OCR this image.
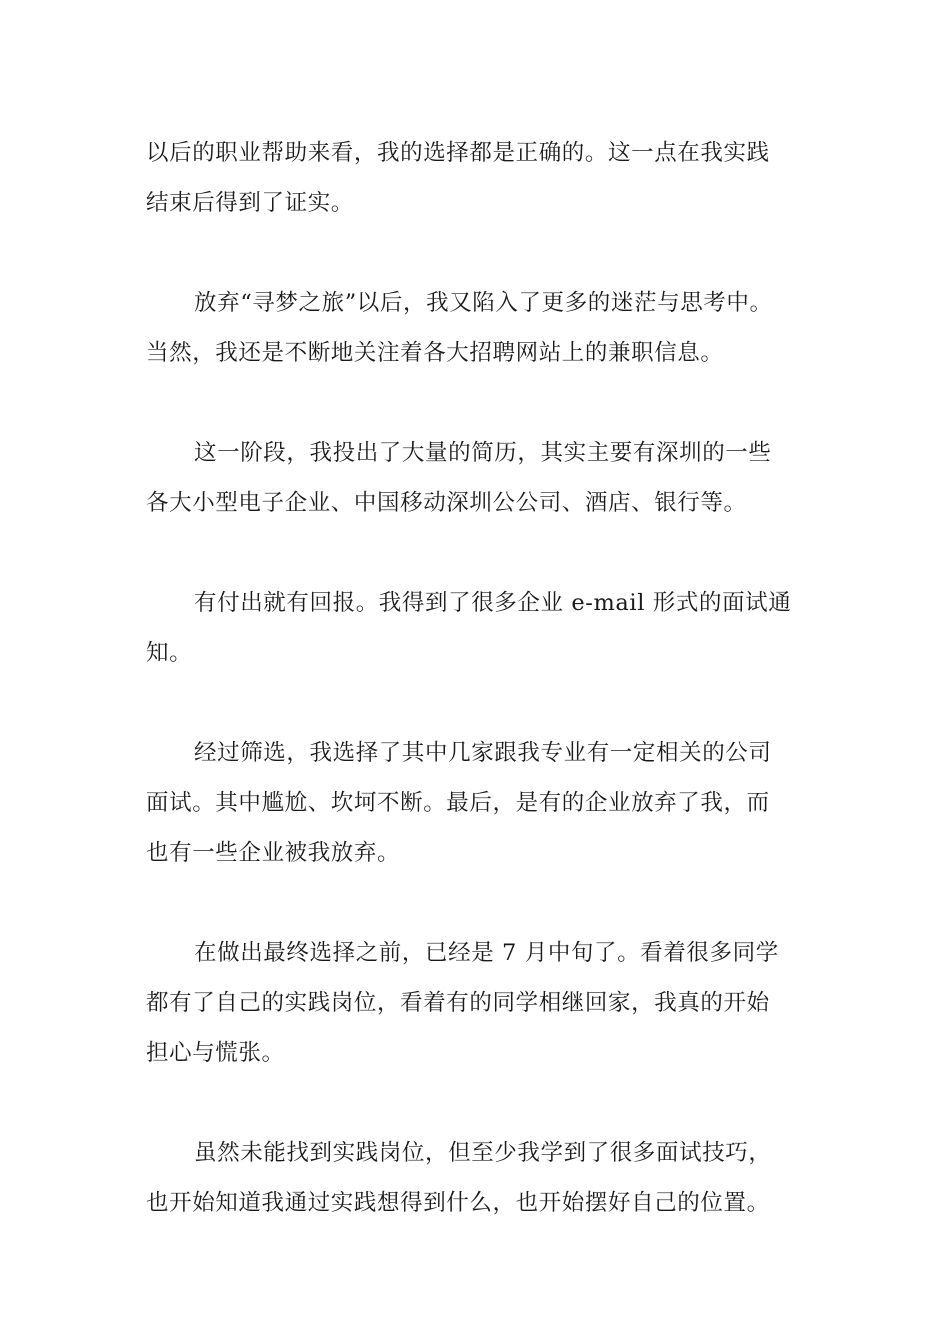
以后的职业帮助来看，我的选择都是正确的。这一点在我实践
结束后得到了证实。

放弃“寻梦之旅”以后，我又陷入了更多的迷茫与思考中。
当然，我还是不断地关注着各大招聘网站上的兼职信息。

这一阶段，我投出了大量的简历，其实主要有深圳的一些
各大小型电子企业、中国移动深圳公公司、酒店、银行等。

有付出就有回报。我得到了很多企业 e-mail 形式的面试通
知。

经过筛选，我选择了其中几家跟我专业有一定相关的公司
面试。其中尴尬、坎坷不断。最后，是有的企业放弃了我，而
也有一些企业被我放弃。

在做出最终选择之前，已经是 7 月中旬了。看着很多同学
都有了自己的实践岗位，看着有的同学相继回家，我真的开始
担心与慌张。

虽然未能找到实践岗位，但至少我学到了很多面试技巧，
也开始知道我通过实践想得到什么，也开始摆好自己的位置。
